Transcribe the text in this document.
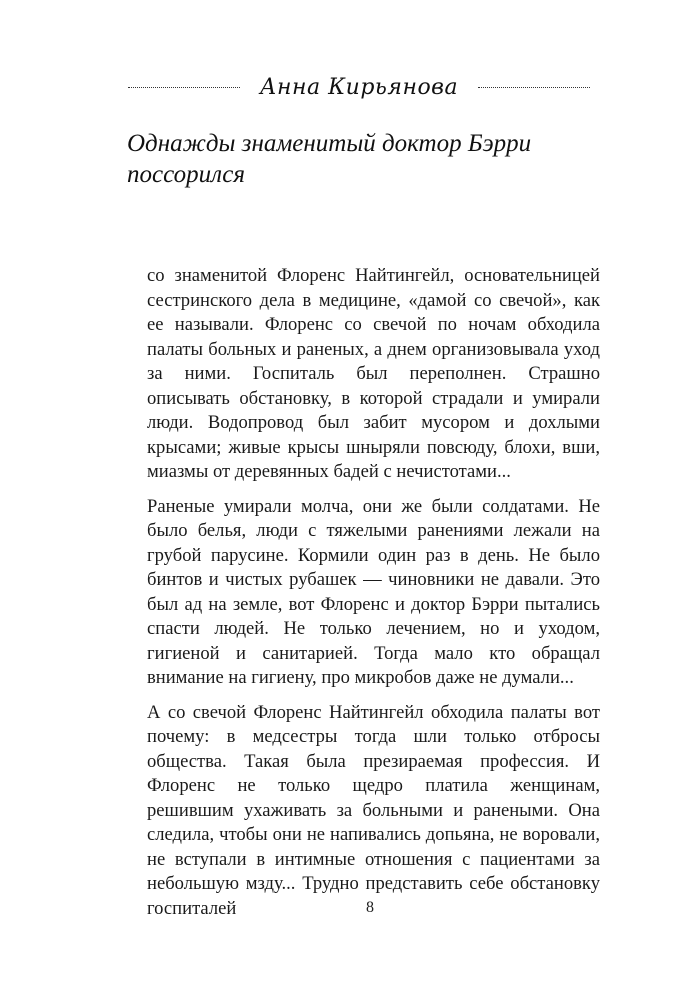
Анна Кирьянова
Однажды знаменитый доктор Бэрри поссорился

со знаменитой Флоренс Найтингейл, основательницей сестринского дела в медицине, «дамой со свечой», как ее называли. Флоренс со свечой по ночам обходила палаты больных и раненых, а днем организовывала уход за ними. Госпиталь был переполнен. Страшно описывать обстановку, в которой страдали и умирали люди. Водопровод был забит мусором и дохлыми крысами; живые крысы шныряли повсюду, блохи, вши, миазмы от деревянных бадей с нечистотами...

Раненые умирали молча, они же были солдатами. Не было белья, люди с тяжелыми ранениями лежали на грубой парусине. Кормили один раз в день. Не было бинтов и чистых рубашек — чиновники не давали. Это был ад на земле, вот Флоренс и доктор Бэрри пытались спасти людей. Не только лечением, но и уходом, гигиеной и санитарией. Тогда мало кто обращал внимание на гигиену, про микробов даже не думали...

А со свечой Флоренс Найтингейл обходила палаты вот почему: в медсестры тогда шли только отбросы общества. Такая была презираемая профессия. И Флоренс не только щедро платила женщинам, решившим ухаживать за больными и ранеными. Она следила, чтобы они не напивались допьяна, не воровали, не вступали в интимные отношения с пациентами за небольшую мзду... Трудно представить себе обстановку госпиталей	8
